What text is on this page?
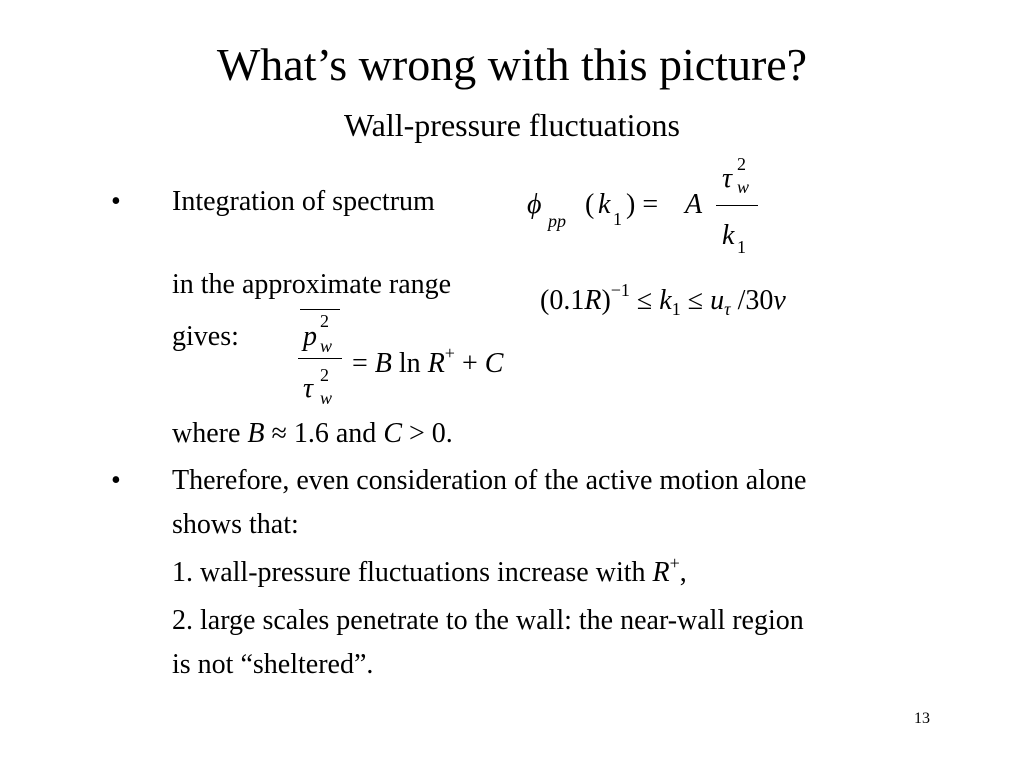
What’s wrong with this picture?
Wall-pressure fluctuations
• Integration of spectrum	ϕ
pp
( k 1 ) = A
τ 2
w
k 1
in the approximate range
$(0.1R)^{-1} \le k_1 \le u_\tau$ /30ν
gives: p 2
w
τ 2
w
= B ln R+ + C
where B ≈ 1.6 and C > 0.
• Therefore, even consideration of the active motion alone
shows that:
1. wall-pressure fluctuations increase with R+,
2. large scales penetrate to the wall: the near-wall region
is not “sheltered”.
13
